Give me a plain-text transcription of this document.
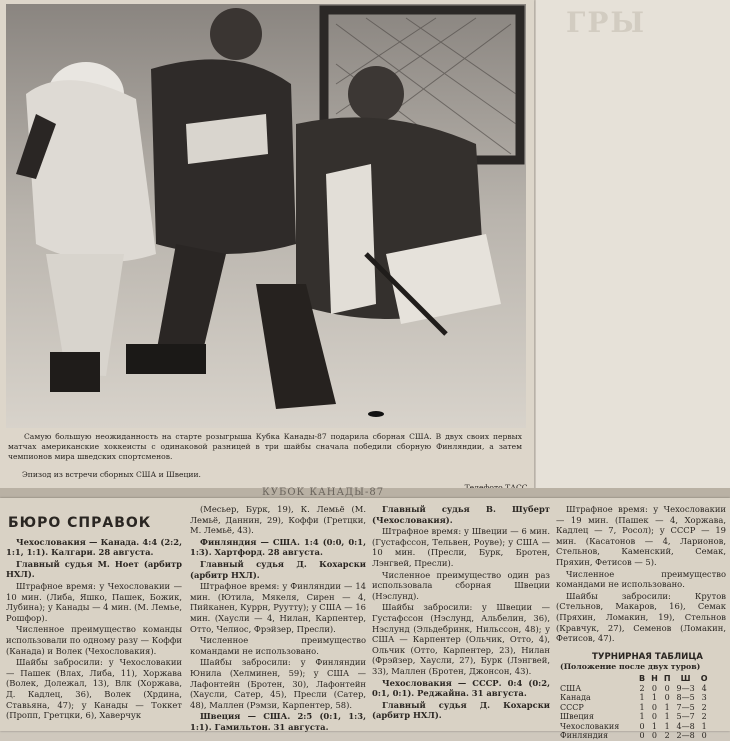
ГРЫ

Самую большую неожиданность на старте розыгрыша Кубка Канады-87 подарила сборная США. В двух своих первых матчах американские хоккеисты с одинаковой разницей в три шайбы сначала победили сборную Финляндии, а затем чемпионов мира шведских спортсменов.

Эпизод из встречи сборных США и Швеции.
КУБОК КАНАДЫ-87
БЮРО СПРАВОК

Чехословакия — Канада. 4:4 (2:2, 1:1, 1:1). Калгари. 28 августа.

Главный судья М. Ноет (арбитр НХЛ).

Штрафное время: у Чехословакии — 10 мин. (Либа, Яшко, Пашек, Божик, Лубина); у Канады — 4 мин. (М. Лемье, Рошфор).

Численное преимущество команды использовали по одному разу — Коффи (Канада) и Волек (Чехословакия).

Шайбы забросили: у Чехословакии — Пашек (Влах, Либа, 11), Хоржава (Волек, Долежал, 13), Влк (Хоржава, Д. Кадлец, 36), Волек (Хрдина, Ставьяна, 47); у Канады — Токкет (Пропп, Гретцки, 6), Хаверчук

(Месьер, Бурк, 19), К. Лемьё (М. Лемьё, Даннин, 29), Коффи (Гретцки, М. Лемьё, 43).

Финляндия — США. 1:4 (0:0, 0:1, 1:3). Хартфорд. 28 августа.

Главный судья Д. Кохарски (арбитр НХЛ).

Штрафное время: у Финляндии — 14 мин. (Ютила, Мякеля, Сирен — 4, Пийканен, Куррн, Руутту); у США — 16 мин. (Хаусли — 4, Нилан, Карпентер, Отто, Челиос, Фрэйзер, Пресли).

Численное преимущество командами не использовано.

Шайбы забросили: у Финляндии Юнила (Хелминен, 59); у США — Лафонтейн (Бротен, 30), Лафонтейн (Хаусли, Сатер, 45), Пресли (Сатер, 48), Маллен (Рэмзи, Карпентер, 58).

Швеция — США. 2:5 (0:1, 1:3, 1:1). Гамильтон. 31 августа.

Главный судья В. Шуберт (Чехословакия).

Штрафное время: у Швеции — 6 мин. (Густафссон, Тельвен, Роуве); у США — 10 мин. (Пресли, Бурк, Бротен, Лэнгвей, Пресли).

Численное преимущество один раз использовала сборная Швеции (Нэслунд).

Шайбы забросили: у Швеции — Густафссон (Нэслунд, Альбелин, 36), Нэслунд (Эльдебринк, Нильссон, 48); у США — Карпентер (Ольчик, Отто, 4), Ольчик (Отто, Карпентер, 23), Нилан (Фрэйзер, Хаусли, 27), Бурк (Лэнгвей, 33), Маллен (Бротен, Джонсон, 43).

Чехословакия — СССР. 0:4 (0:2, 0:1, 0:1). Реджайна. 31 августа.

Главный судья Д. Кохарски (арбитр НХЛ).

Штрафное время: у Чехословакии — 19 мин. (Пашек — 4, Хоржава, Кадлец — 7, Росол); у СССР — 19 мин. (Касатонов — 4, Ларионов, Стельнов, Каменский, Семак, Пряхин, Фетисов — 5).

Численное преимущество командами не использовано.

Шайбы забросили: Крутов (Стельнов, Макаров, 16), Семак (Пряхин, Ломакин, 19), Стельнов (Кравчук, 27), Семенов (Ломакин, Фетисов, 47).

ТУРНИРНАЯ ТАБЛИЦА
(Положение после двух туров)
	В	Н	П	Ш	О
США	2	0	0	9—3	4
Канада	1	1	0	8—5	3
СССР	1	0	1	7—5	2
Швеция	1	0	1	5—7	2
Чехословакия	0	1	1	4—8	1
Финляндия	0	0	2	2—8	0
